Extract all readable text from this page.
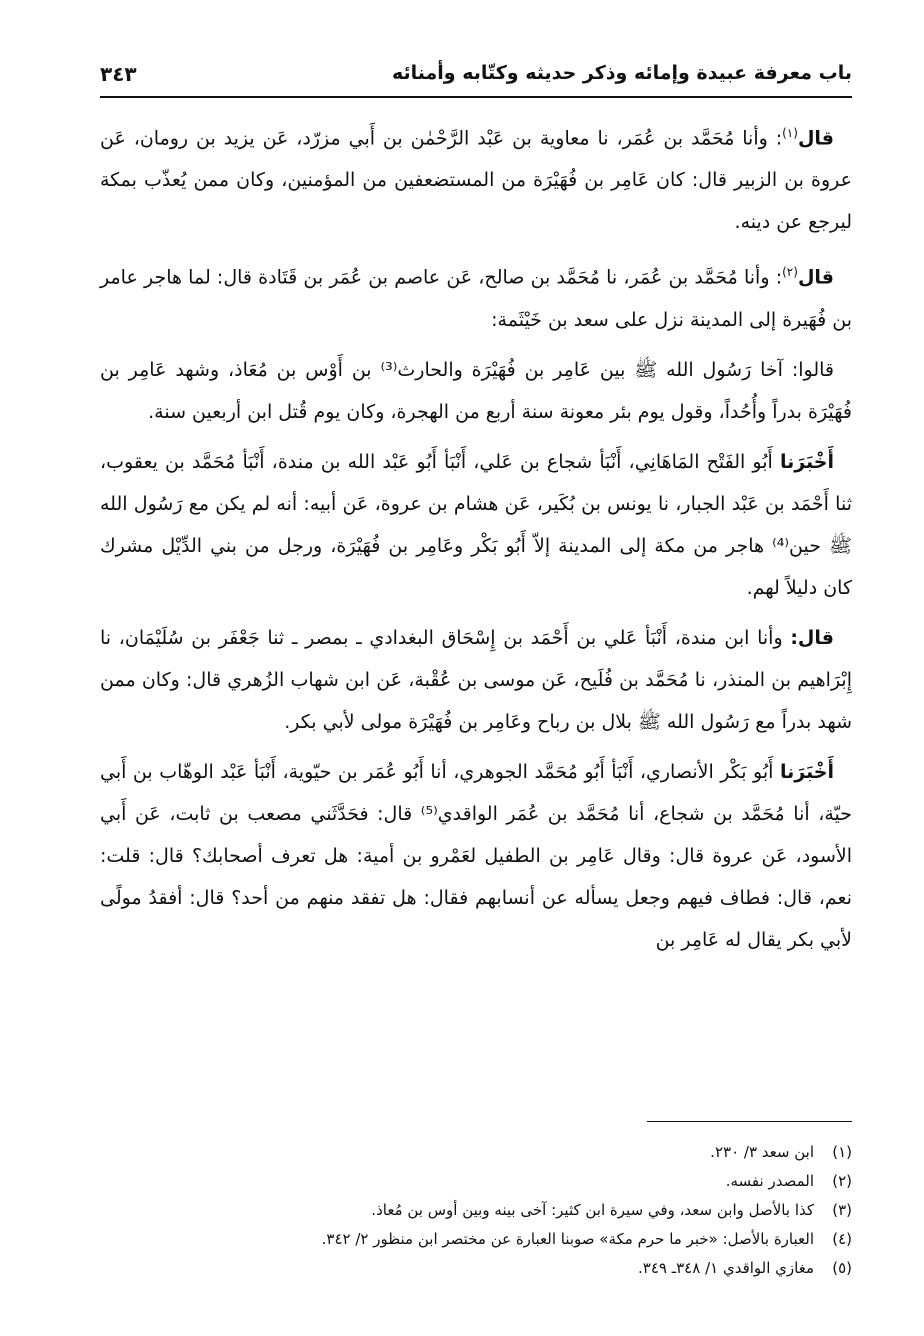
باب معرفة عبيدة وإمائه وذكر حديثه وكتّابه وأمنائه
٣٤٣

قال$^{(١)}$: وأنا مُحَمَّد بن عُمَر، نا معاوية بن عَبْد الرَّحْمٰن بن أَبي مزرّد، عَن يزيد بن رومان، عَن عروة بن الزبير قال: كان عَامِر بن فُهَيْرَة من المستضعفين من المؤمنين، وكان ممن يُعذّب بمكة ليرجع عن دينه.

قال$^{(٢)}$: وأنا مُحَمَّد بن عُمَر، نا مُحَمَّد بن صالح، عَن عاصم بن عُمَر بن قَتَادة قال: لما هاجر عامر بن فُهَيرة إلى المدينة نزل على سعد بن خَيْثَمة:

قالوا: آخا رَسُول الله ﷺ بين عَامِر بن فُهَيْرَة والحارث⁽³⁾ بن أَوْس بن مُعَاذ، وشهد عَامِر بن فُهَيْرَة بدراً وأُحُداً، وقول يوم بئر معونة سنة أربع من الهجرة، وكان يوم قُتل ابن أربعين سنة.

أَخْبَرَنا أَبُو الفَتْح المَاهَانِي، أَنْبَأ شجاع بن عَلي، أَنْبَأ أَبُو عَبْد الله بن مندة، أَنْبَأ مُحَمَّد بن يعقوب، ثنا أَحْمَد بن عَبْد الجبار، نا يونس بن بُكَير، عَن هشام بن عروة، عَن أبيه: أنه لم يكن مع رَسُول الله ﷺ حين⁽⁴⁾ هاجر من مكة إلى المدينة إلاّ أَبُو بَكْر وعَامِر بن فُهَيْرَة، ورجل من بني الدِّيْل مشرك كان دليلاً لهم.

قال: وأنا ابن مندة، أَنْبَأ عَلي بن أَحْمَد بن إِسْحَاق البغدادي ـ بمصر ـ ثنا جَعْفَر بن سُلَيْمَان، نا إِبْرَاهيم بن المنذر، نا مُحَمَّد بن فُلَيح، عَن موسى بن عُقْبة، عَن ابن شهاب الزُهري قال: وكان ممن شهد بدراً مع رَسُول الله ﷺ بلال بن رباح وعَامِر بن فُهَيْرَة مولى لأبي بكر.

أَخْبَرَنا أَبُو بَكْر الأنصاري، أَنْبَأ أَبُو مُحَمَّد الجوهري، أنا أَبُو عُمَر بن حيّوية، أَنْبَأ عَبْد الوهّاب بن أَبي حيّة، أنا مُحَمَّد بن شجاع، أنا مُحَمَّد بن عُمَر الواقدي⁽⁵⁾ قال: فحَدَّثَني مصعب بن ثابت، عَن أَبي الأسود، عَن عروة قال: وقال عَامِر بن الطفيل لعَمْرو بن أمية: هل تعرف أصحابك؟ قال: قلت: نعم، قال: فطاف فيهم وجعل يسأله عن أنسابهم فقال: هل تفقد منهم من أحد؟ قال: أفقدُ مولًى لأبي بكر يقال له عَامِر بن

(١)ابن سعد ٣/ ٢٣٠.
(٢)المصدر نفسه.
(٣)كذا بالأصل وابن سعد، وفي سيرة ابن كثير: آخى بينه وبين أوس بن مُعاذ.
(٤)العبارة بالأصل: «خبر ما حرم مكة» صوبنا العبارة عن مختصر ابن منظور ٢/ ٣٤٢.
(٥)مغازي الواقدي ١/ ٣٤٨ـ ٣٤٩.
